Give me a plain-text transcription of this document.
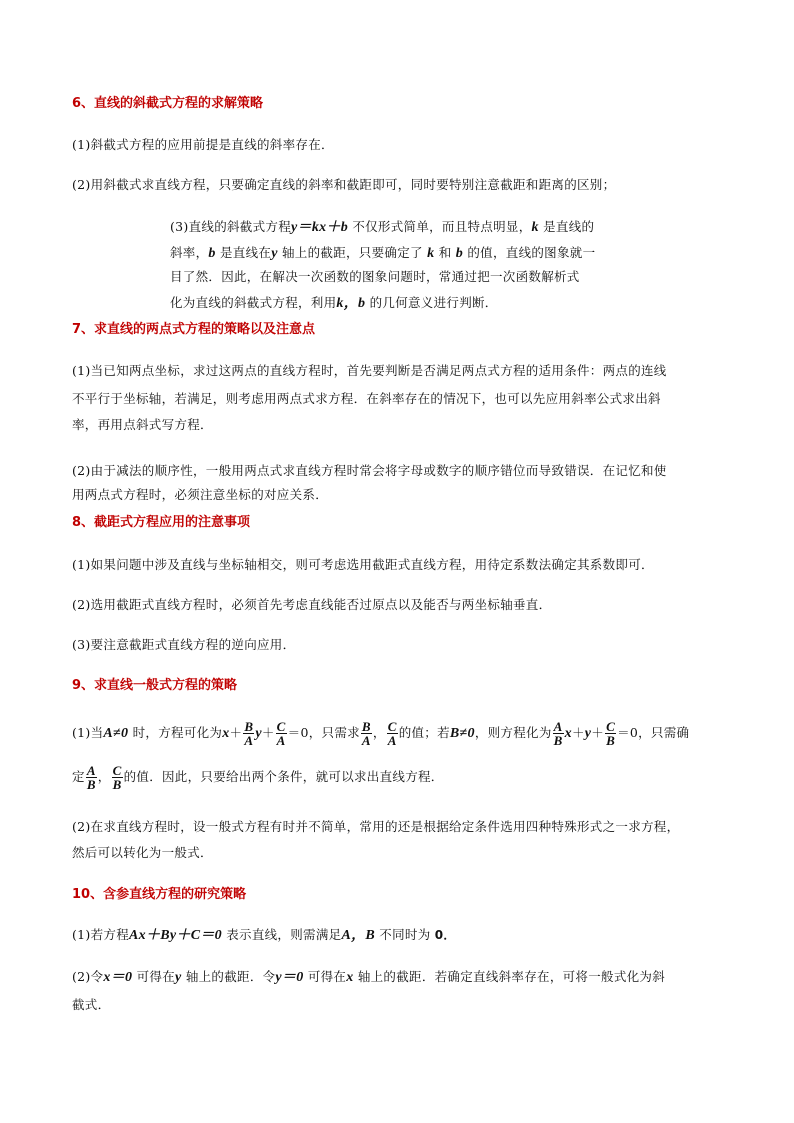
6、直线的斜截式方程的求解策略
(1)斜截式方程的应用前提是直线的斜率存在．
(2)用斜截式求直线方程，只要确定直线的斜率和截距即可，同时要特别注意截距和距离的区别；
(3)直线的斜截式方程y＝kx＋b 不仅形式简单，而且特点明显，k 是直线的
斜率，b 是直线在y 轴上的截距，只要确定了 k 和 b 的值，直线的图象就一
目了然．因此，在解决一次函数的图象问题时，常通过把一次函数解析式
化为直线的斜截式方程，利用k，b 的几何意义进行判断．
7、求直线的两点式方程的策略以及注意点
(1)当已知两点坐标，求过这两点的直线方程时，首先要判断是否满足两点式方程的适用条件：两点的连线
不平行于坐标轴，若满足，则考虑用两点式求方程．在斜率存在的情况下，也可以先应用斜率公式求出斜
率，再用点斜式写方程．
(2)由于减法的顺序性，一般用两点式求直线方程时常会将字母或数字的顺序错位而导致错误．在记忆和使
用两点式方程时，必须注意坐标的对应关系．
8、截距式方程应用的注意事项
(1)如果问题中涉及直线与坐标轴相交，则可考虑选用截距式直线方程，用待定系数法确定其系数即可．
(2)选用截距式直线方程时，必须首先考虑直线能否过原点以及能否与两坐标轴垂直．
(3)要注意截距式直线方程的逆向应用．
9、求直线一般式方程的策略
(1)当A≠0 时，方程可化为$x+ \frac{B}{A} y+ \frac{C}{A} =0$，只需求 $\frac{B}{A}$ ， $\frac{C}{A}$ 的值；若B≠0，则方程化为 $\frac{A}{B} x+y+ \frac{C}{B} =0$，只需确
定 $\frac{A}{B}$ ， $\frac{C}{B}$ 的值．因此，只要给出两个条件，就可以求出直线方程．
(2)在求直线方程时，设一般式方程有时并不简单，常用的还是根据给定条件选用四种特殊形式之一求方程，
然后可以转化为一般式．
10、含参直线方程的研究策略
(1)若方程Ax＋By＋C＝0 表示直线，则需满足A，B 不同时为 0．
(2)令x＝0 可得在y 轴上的截距．令y＝0 可得在x 轴上的截距．若确定直线斜率存在，可将一般式化为斜
截式．
